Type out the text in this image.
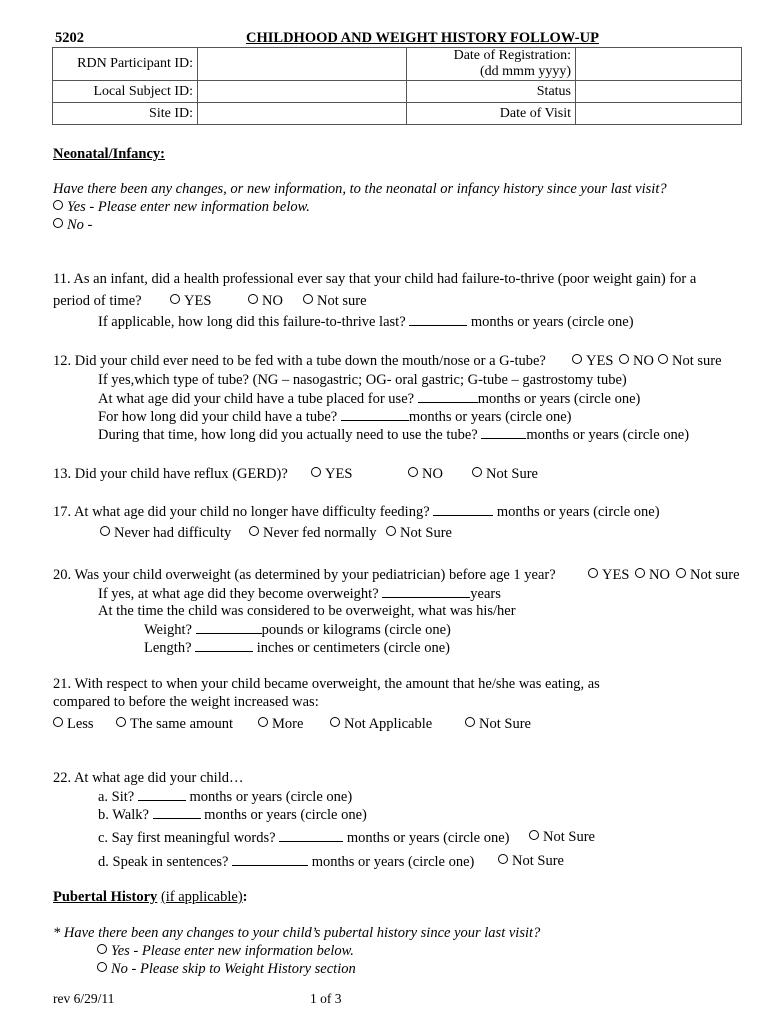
5202	CHILDHOOD AND WEIGHT HISTORY FOLLOW-UP
RDN Participant ID:		Date of Registration:
(dd mmm yyyy)	

Local Subject ID:		Status	
Site ID:		Date of Visit	
Neonatal/Infancy:
Have there been any changes, or new information, to the neonatal or infancy history since your last visit?
Yes - Please enter new information below.
No -
11. As an infant, did a health professional ever say that your child had failure-to-thrive (poor weight gain) for a
period of time?	YES	NO	Not sure
If applicable, how long did this failure-to-thrive last?	months or years (circle one)
12. Did your child ever need to be fed with a tube down the mouth/nose or a G-tube?	YES	NO	Not sure
If yes,which type of tube? (NG – nasogastric; OG- oral gastric; G-tube – gastrostomy tube)
At what age did your child have a tube placed for use?	months or years (circle one)
For how long did your child have a tube?	months or years (circle one)
During that time, how long did you actually need to use the tube?	months or years (circle one)
13. Did your child have reflux (GERD)?	YES	NO	Not Sure
17. At what age did your child no longer have difficulty feeding?	months or years (circle one)
Never had difficulty	Never fed normally	Not Sure
20. Was your child overweight (as determined by your pediatrician) before age 1 year?	YES	NO	Not sure
If yes, at what age did they become overweight?	years
At the time the child was considered to be overweight, what was his/her
Weight?	pounds or kilograms (circle one)
Length?	inches or centimeters (circle one)
21. With respect to when your child became overweight, the amount that he/she was eating, as
compared to before the weight increased was:
Less	The same amount	More	Not Applicable	Not Sure
22. At what age did your child…
a. Sit?	months or years (circle one)
b. Walk?	months or years (circle one)
c. Say first meaningful words?	months or years (circle one)	Not Sure
d. Speak in sentences?	months or years (circle one)	Not Sure
Pubertal History (if applicable):
* Have there been any changes to your child’s pubertal history since your last visit?
Yes - Please enter new information below.
No - Please skip to Weight History section
rev 6/29/11	1 of 3
